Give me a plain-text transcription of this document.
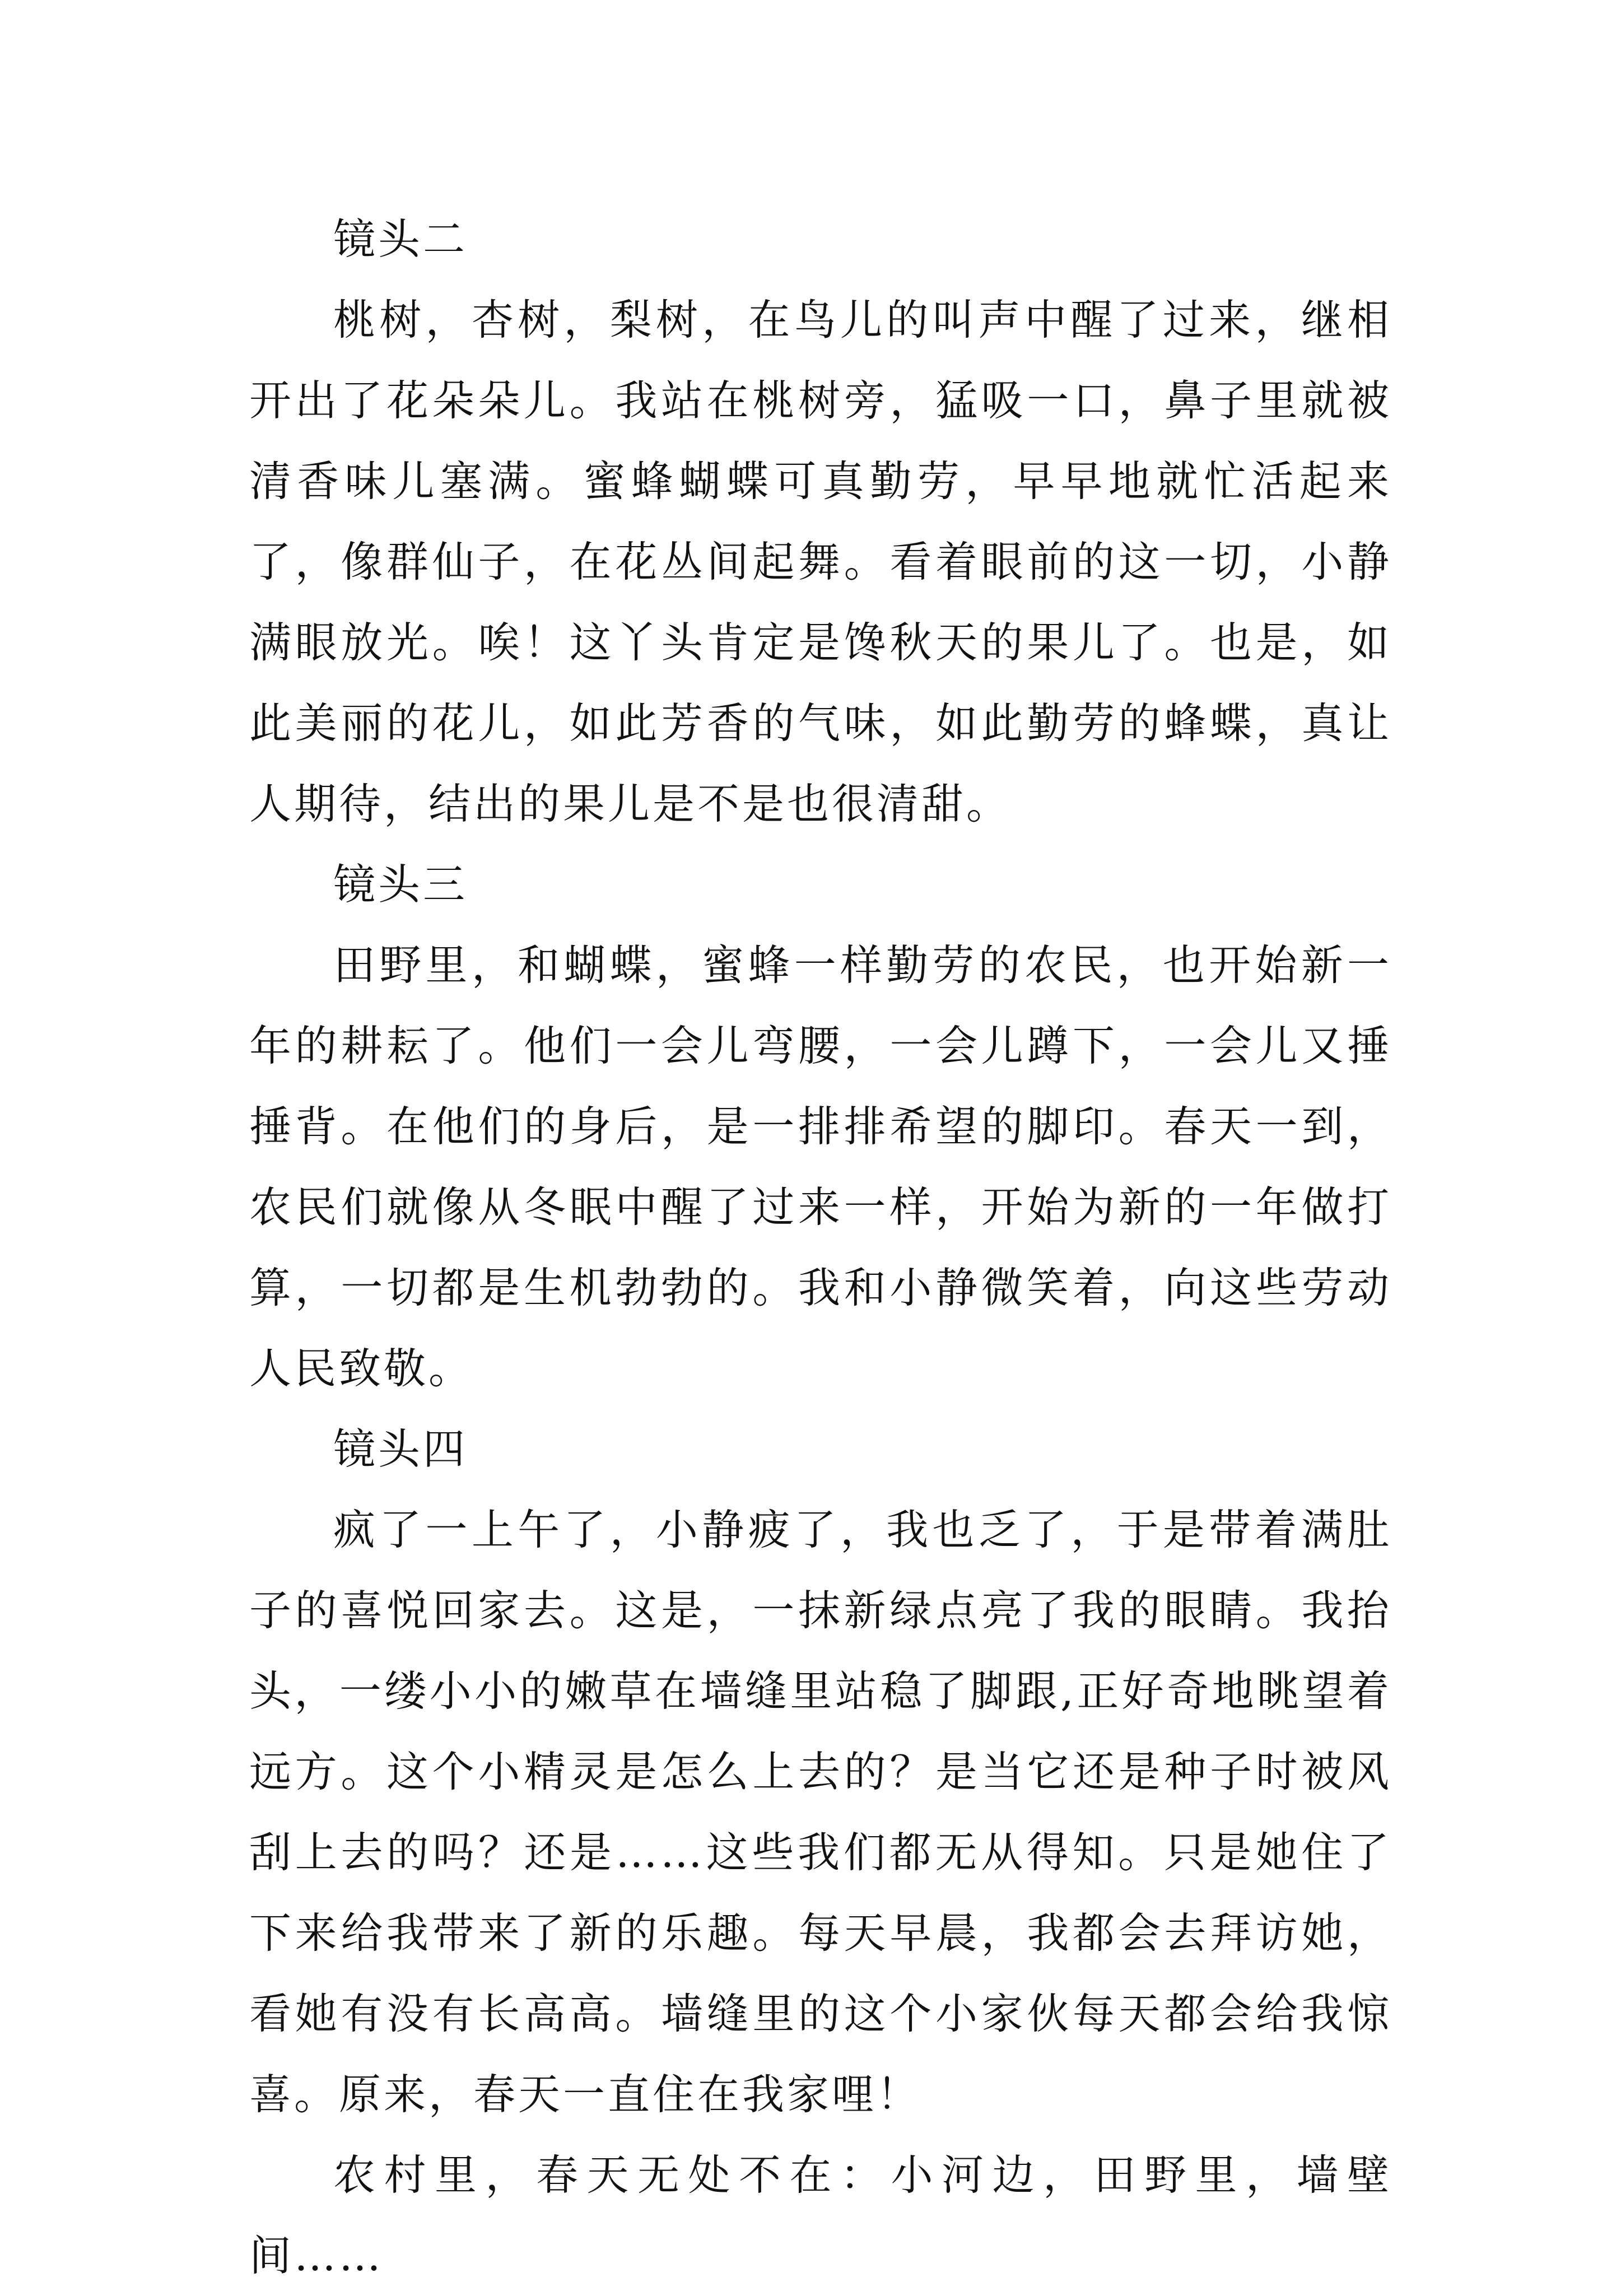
镜头二

桃树，杏树，梨树，在鸟儿的叫声中醒了过来，继相开出了花朵朵儿。我站在桃树旁，猛吸一口，鼻子里就被清香味儿塞满。蜜蜂蝴蝶可真勤劳，早早地就忙活起来了，像群仙子，在花丛间起舞。看着眼前的这一切，小静满眼放光。唉！这丫头肯定是馋秋天的果儿了。也是，如此美丽的花儿，如此芳香的气味，如此勤劳的蜂蝶，真让人期待，结出的果儿是不是也很清甜。

镜头三

田野里，和蝴蝶，蜜蜂一样勤劳的农民，也开始新一年的耕耘了。他们一会儿弯腰，一会儿蹲下，一会儿又捶捶背。在他们的身后，是一排排希望的脚印。春天一到，农民们就像从冬眠中醒了过来一样，开始为新的一年做打算，一切都是生机勃勃的。我和小静微笑着，向这些劳动人民致敬。

镜头四

疯了一上午了，小静疲了，我也乏了，于是带着满肚子的喜悦回家去。这是，一抹新绿点亮了我的眼睛。我抬头，一缕小小的嫩草在墙缝里站稳了脚跟,正好奇地眺望着远方。这个小精灵是怎么上去的？是当它还是种子时被风刮上去的吗？还是……这些我们都无从得知。只是她住了下来给我带来了新的乐趣。每天早晨，我都会去拜访她，看她有没有长高高。墙缝里的这个小家伙每天都会给我惊喜。原来，春天一直住在我家哩！

农村里，春天无处不在：小河边，田野里，墙壁间……
